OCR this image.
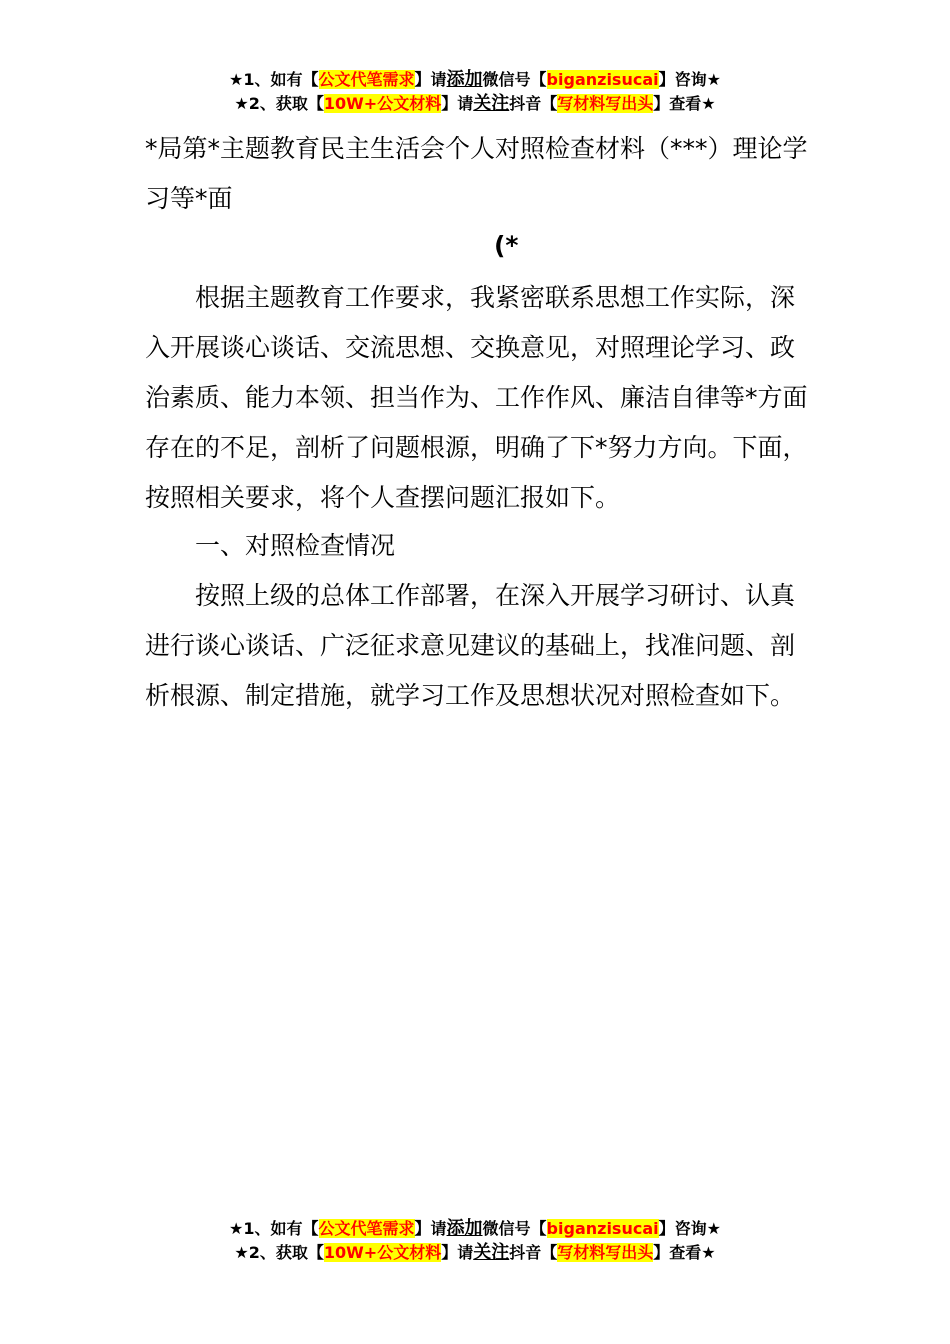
★1、如有【公文代笔需求】请添加微信号【biganzisucai】咨询★
★2、获取【10W+公文材料】请关注抖音【写材料写出头】查看★
*局第*主题教育民主生活会个人对照检查材料（***）理论学习等*面
(*
根据主题教育工作要求，我紧密联系思想工作实际，深入开展谈心谈话、交流思想、交换意见，对照理论学习、政治素质、能力本领、担当作为、工作作风、廉洁自律等*方面存在的不足，剖析了问题根源，明确了下*努力方向。下面，按照相关要求，将个人查摆问题汇报如下。
一、对照检查情况
按照上级的总体工作部署，在深入开展学习研讨、认真进行谈心谈话、广泛征求意见建议的基础上，找准问题、剖析根源、制定措施，就学习工作及思想状况对照检查如下。
★1、如有【公文代笔需求】请添加微信号【biganzisucai】咨询★
★2、获取【10W+公文材料】请关注抖音【写材料写出头】查看★
